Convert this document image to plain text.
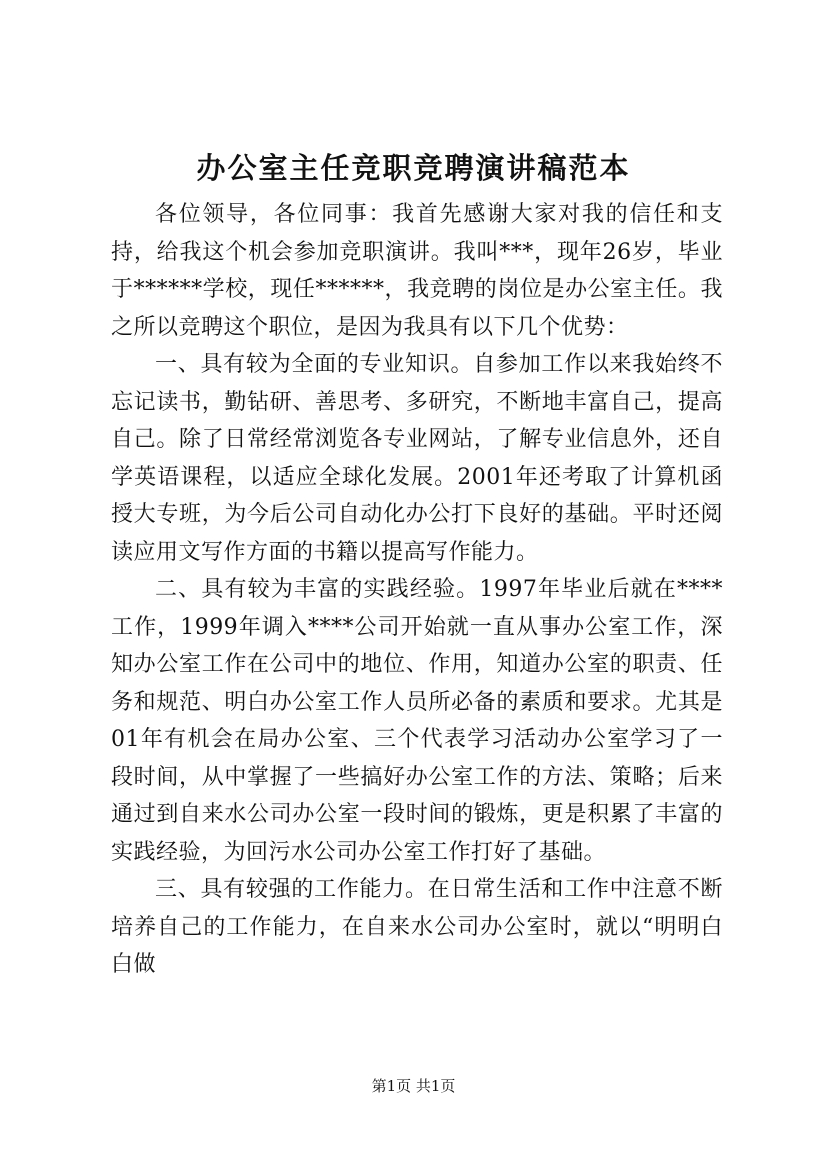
办公室主任竞职竞聘演讲稿范本

各位领导，各位同事：我首先感谢大家对我的信任和支持，给我这个机会参加竞职演讲。我叫***，现年26岁，毕业于******学校，现任******，我竞聘的岗位是办公室主任。我之所以竞聘这个职位，是因为我具有以下几个优势：

一、具有较为全面的专业知识。自参加工作以来我始终不忘记读书，勤钻研、善思考、多研究，不断地丰富自己，提高自己。除了日常经常浏览各专业网站，了解专业信息外，还自学英语课程，以适应全球化发展。2001年还考取了计算机函授大专班，为今后公司自动化办公打下良好的基础。平时还阅读应用文写作方面的书籍以提高写作能力。

二、具有较为丰富的实践经验。1997年毕业后就在****工作，1999年调入****公司开始就一直从事办公室工作，深知办公室工作在公司中的地位、作用，知道办公室的职责、任务和规范、明白办公室工作人员所必备的素质和要求。尤其是01年有机会在局办公室、三个代表学习活动办公室学习了一段时间，从中掌握了一些搞好办公室工作的方法、策略；后来通过到自来水公司办公室一段时间的锻炼，更是积累了丰富的实践经验，为回污水公司办公室工作打好了基础。

三、具有较强的工作能力。在日常生活和工作中注意不断培养自己的工作能力，在自来水公司办公室时，就以“明明白白做

第1页 共1页
